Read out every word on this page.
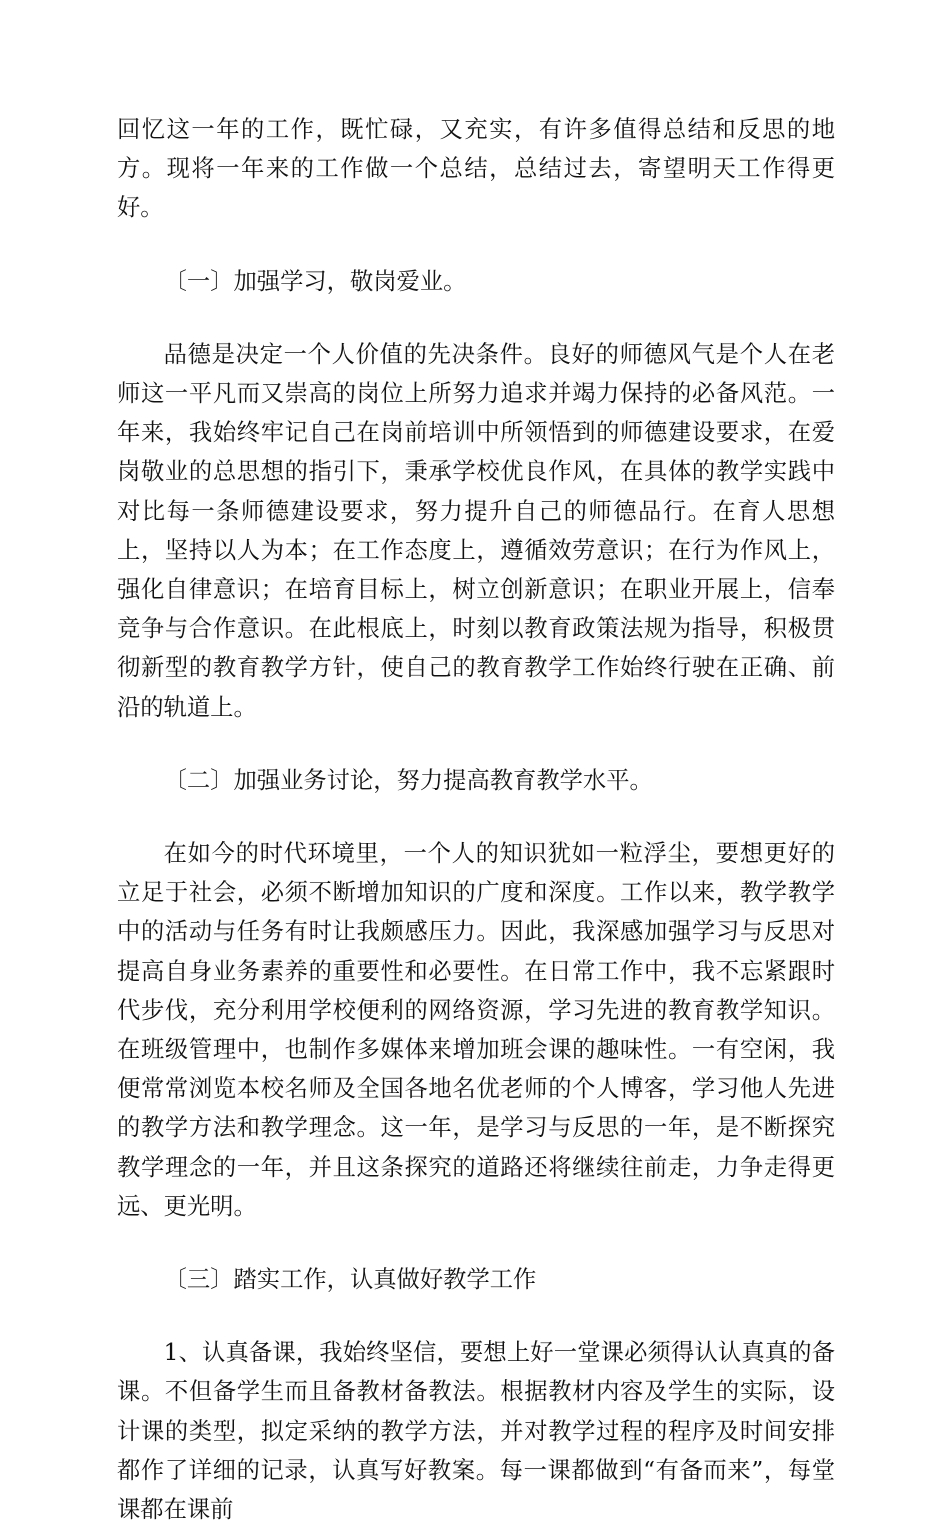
回忆这一年的工作，既忙碌，又充实，有许多值得总结和反思的地方。现将一年来的工作做一个总结，总结过去，寄望明天工作得更好。

〔一〕加强学习，敬岗爱业。

品德是决定一个人价值的先决条件。良好的师德风气是个人在老师这一平凡而又崇高的岗位上所努力追求并竭力保持的必备风范。一年来，我始终牢记自己在岗前培训中所领悟到的师德建设要求，在爱岗敬业的总思想的指引下，秉承学校优良作风，在具体的教学实践中对比每一条师德建设要求，努力提升自己的师德品行。在育人思想上，坚持以人为本；在工作态度上，遵循效劳意识；在行为作风上，强化自律意识；在培育目标上，树立创新意识；在职业开展上，信奉竞争与合作意识。在此根底上，时刻以教育政策法规为指导，积极贯彻新型的教育教学方针，使自己的教育教学工作始终行驶在正确、前沿的轨道上。

〔二〕加强业务讨论，努力提高教育教学水平。

在如今的时代环境里，一个人的知识犹如一粒浮尘，要想更好的立足于社会，必须不断增加知识的广度和深度。工作以来，教学教学中的活动与任务有时让我颇感压力。因此，我深感加强学习与反思对提高自身业务素养的重要性和必要性。在日常工作中，我不忘紧跟时代步伐，充分利用学校便利的网络资源，学习先进的教育教学知识。在班级管理中，也制作多媒体来增加班会课的趣味性。一有空闲，我便常常浏览本校名师及全国各地名优老师的个人博客，学习他人先进的教学方法和教学理念。这一年，是学习与反思的一年，是不断探究教学理念的一年，并且这条探究的道路还将继续往前走，力争走得更远、更光明。

〔三〕踏实工作，认真做好教学工作

1、认真备课，我始终坚信，要想上好一堂课必须得认认真真的备课。不但备学生而且备教材备教法。根据教材内容及学生的实际，设计课的类型，拟定采纳的教学方法，并对教学过程的程序及时间安排都作了详细的记录，认真写好教案。每一课都做到“有备而来”，每堂课都在课前
